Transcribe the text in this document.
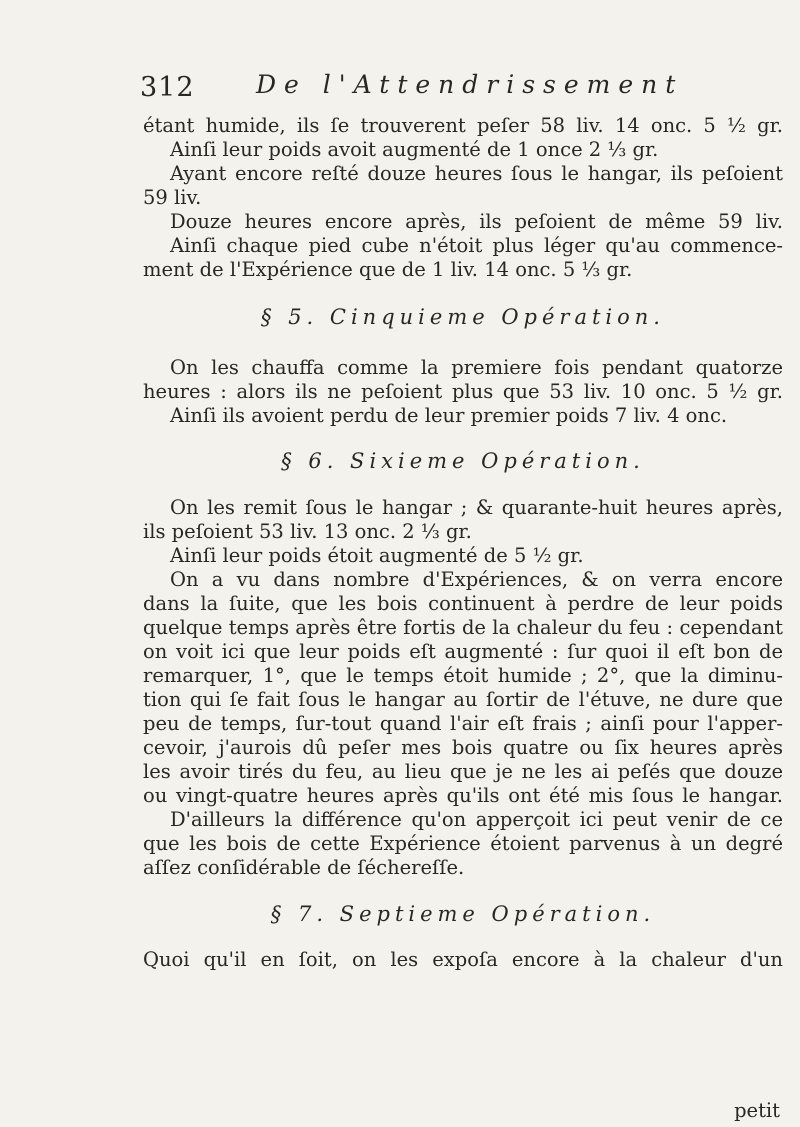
312 De l'Attendrissement
étant humide, ils ſe trouverent peſer 58 liv. 14 onc. 5 ½ gr.
Ainſi leur poids avoit augmenté de 1 once 2 ⅓ gr.
Ayant encore reſté douze heures ſous le hangar, ils peſoient
59 liv.
Douze heures encore après, ils peſoient de même 59 liv.
Ainſi chaque pied cube n'étoit plus léger qu'au commence-
ment de l'Expérience que de 1 liv. 14 onc. 5 ⅓ gr.
§ 5. Cinquieme Opération.
On les chauffa comme la premiere fois pendant quatorze
heures : alors ils ne peſoient plus que 53 liv. 10 onc. 5 ½ gr.
Ainſi ils avoient perdu de leur premier poids 7 liv. 4 onc.
§ 6. Sixieme Opération.
On les remit ſous le hangar ; & quarante-huit heures après,
ils peſoient 53 liv. 13 onc. 2 ⅓ gr.
Ainſi leur poids étoit augmenté de 5 ½ gr.
On a vu dans nombre d'Expériences, & on verra encore
dans la ſuite, que les bois continuent à perdre de leur poids
quelque temps après être fortis de la chaleur du feu : cependant
on voit ici que leur poids eſt augmenté : ſur quoi il eſt bon de
remarquer, 1°, que le temps étoit humide ; 2°, que la diminu-
tion qui ſe fait ſous le hangar au ſortir de l'étuve, ne dure que
peu de temps, ſur-tout quand l'air eſt frais ; ainſi pour l'apper-
cevoir, j'aurois dû peſer mes bois quatre ou ſix heures après
les avoir tirés du feu, au lieu que je ne les ai peſés que douze
ou vingt-quatre heures après qu'ils ont été mis ſous le hangar.
D'ailleurs la différence qu'on apperçoit ici peut venir de ce
que les bois de cette Expérience étoient parvenus à un degré
aſſez conſidérable de ſéchereſſe.
§ 7. Septieme Opération.
Quoi qu'il en ſoit, on les expoſa encore à la chaleur d'un
petit
